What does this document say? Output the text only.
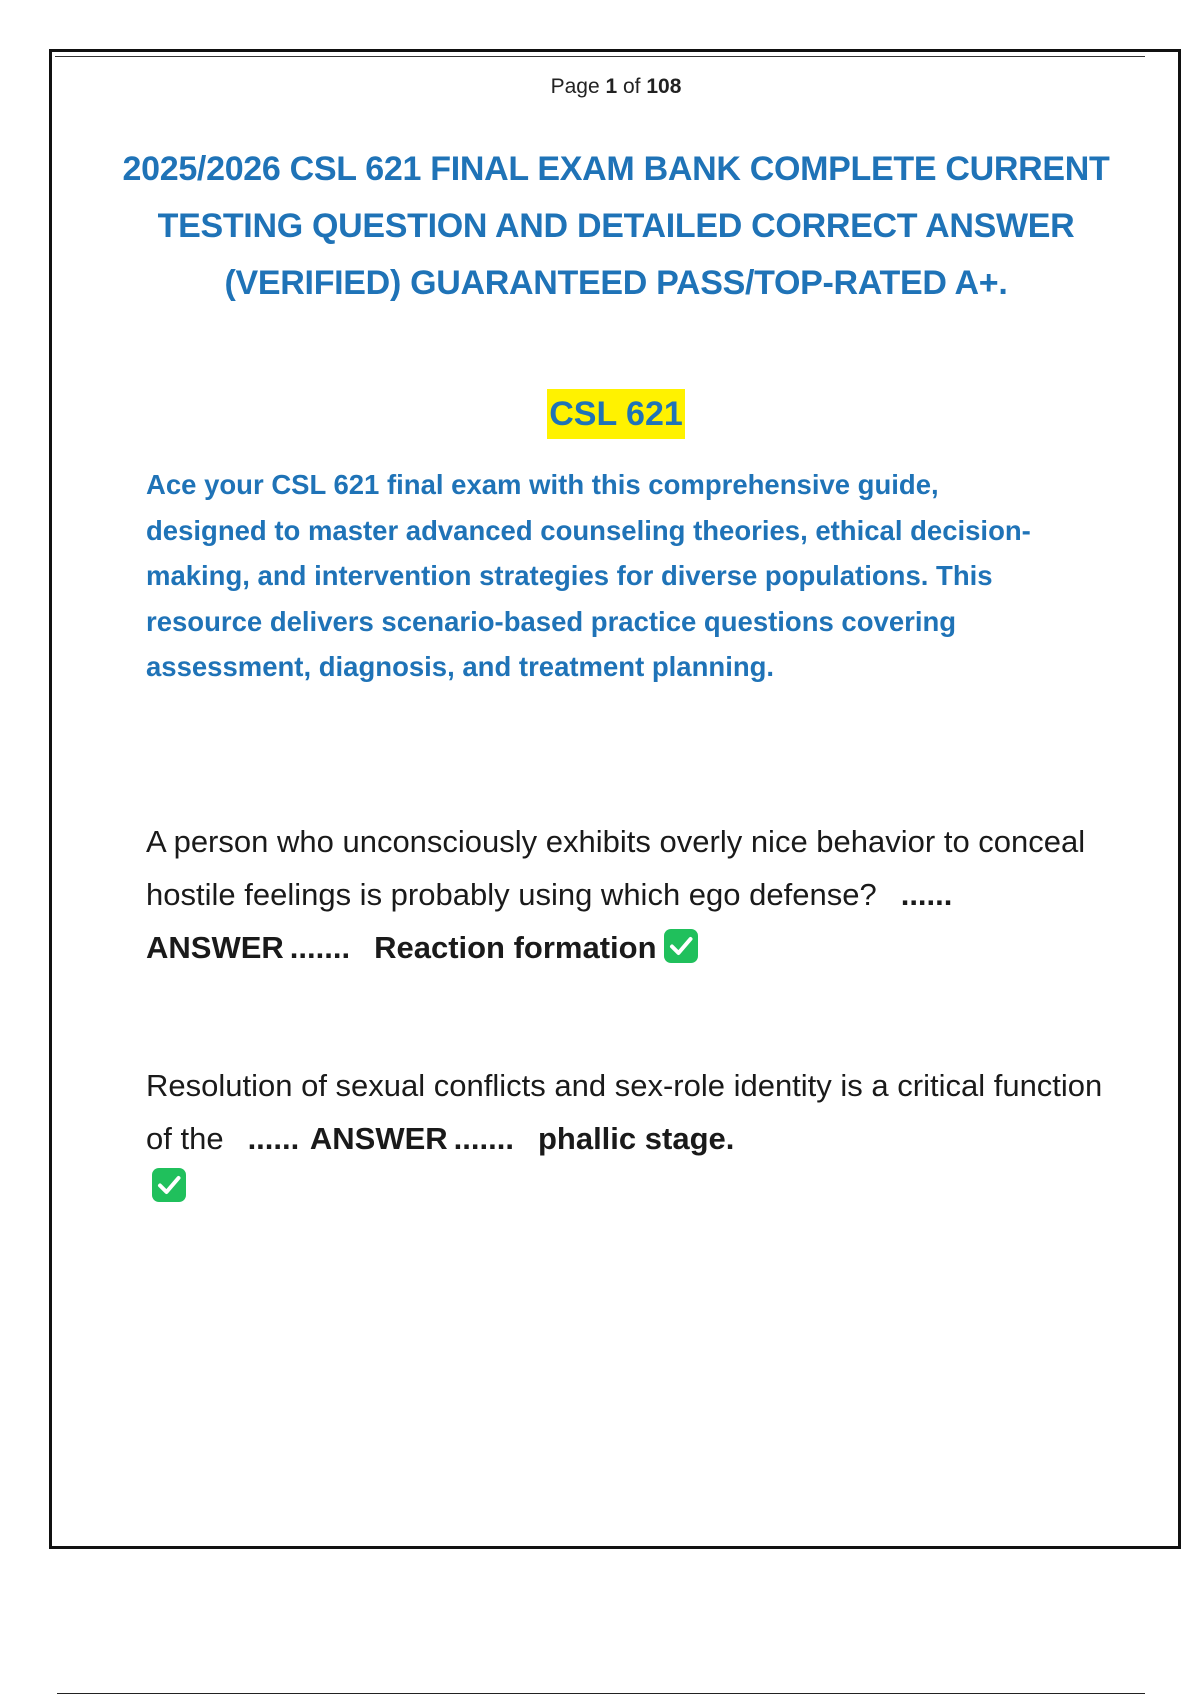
Page 1 of 108
2025/2026 CSL 621 FINAL EXAM BANK COMPLETE CURRENT TESTING QUESTION AND DETAILED CORRECT ANSWER (VERIFIED) GUARANTEED PASS/TOP-RATED A+.
CSL 621

Ace your CSL 621 final exam with this comprehensive guide, designed to master advanced counseling theories, ethical decision-making, and intervention strategies for diverse populations. This resource delivers scenario-based practice questions covering assessment, diagnosis, and treatment planning.

A person who unconsciously exhibits overly nice behavior to conceal hostile feelings is probably using which ego defense? ...... ANSWER ....... Reaction formation

Resolution of sexual conflicts and sex-role identity is a critical function of the ...... ANSWER ....... phallic stage.
